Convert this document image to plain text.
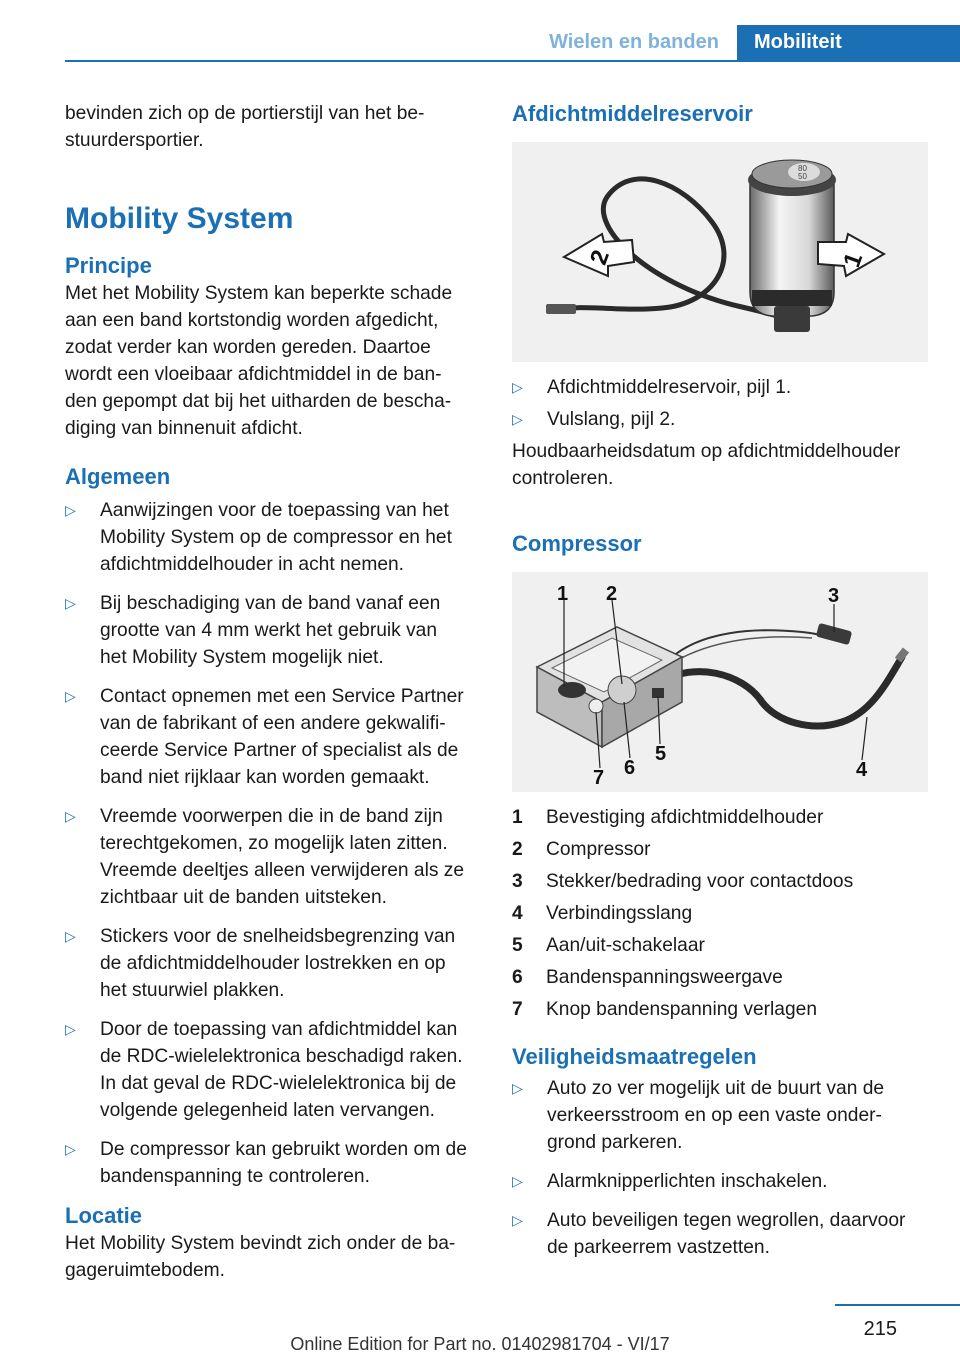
Wielen en banden	Mobiliteit

bevinden zich op de portierstijl van het be-
stuurdersportier.

Mobility System
Principe

Met het Mobility System kan beperkte schade
aan een band kortstondig worden afgedicht,
zodat verder kan worden gereden. Daartoe
wordt een vloeibaar afdichtmiddel in de ban-
den gepompt dat bij het uitharden de bescha-
diging van binnenuit afdicht.

Algemeen
▷ Aanwijzingen voor de toepassing van het
Mobility System op de compressor en het
afdichtmiddelhouder in acht nemen.
▷ Bij beschadiging van de band vanaf een
grootte van 4 mm werkt het gebruik van
het Mobility System mogelijk niet.
▷ Contact opnemen met een Service Partner
van de fabrikant of een andere gekwalifi-
ceerde Service Partner of specialist als de
band niet rijklaar kan worden gemaakt.
▷ Vreemde voorwerpen die in de band zijn
terechtgekomen, zo mogelijk laten zitten.
Vreemde deeltjes alleen verwijderen als ze
zichtbaar uit de banden uitsteken.
▷ Stickers voor de snelheidsbegrenzing van
de afdichtmiddelhouder lostrekken en op
het stuurwiel plakken.
▷ Door de toepassing van afdichtmiddel kan
de RDC-wielelektronica beschadigd raken.
In dat geval de RDC-wielelektronica bij de
volgende gelegenheid laten vervangen.
▷ De compressor kan gebruikt worden om de
bandenspanning te controleren.
Locatie

Het Mobility System bevindt zich onder de ba-
gageruimtebodem.

Afdichtmiddelreservoir
80 50
2	1
▷ Afdichtmiddelreservoir, pijl 1.
▷ Vulslang, pijl 2.

Houdbaarheidsdatum op afdichtmiddelhouder
controleren.

Compressor
1 2	3
4
5
6
7
1	Bevestiging afdichtmiddelhouder
2	Compressor
3	Stekker/bedrading voor contactdoos
4	Verbindingsslang
5	Aan/uit-schakelaar
6	Bandenspanningsweergave
7	Knop bandenspanning verlagen
Veiligheidsmaatregelen
▷ Auto zo ver mogelijk uit de buurt van de
verkeersstroom en op een vaste onder-
grond parkeren.
▷ Alarmknipperlichten inschakelen.
▷ Auto beveiligen tegen wegrollen, daarvoor
de parkeerrem vastzetten.
215
Online Edition for Part no. 01402981704 - VI/17
